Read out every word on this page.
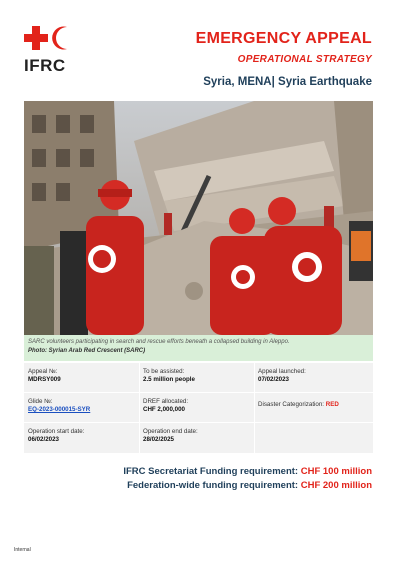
IFRC
EMERGENCY APPEAL
OPERATIONAL STRATEGY
Syria, MENA| Syria Earthquake
SARC volunteers participating in search and rescue efforts beneath a collapsed building in Aleppo.
Photo: Syrian Arab Red Crescent (SARC)
Appeal №:
MDRSY009
To be assisted:
2.5 million people
Appeal launched:
07/02/2023
Glide №:
EQ-2023-000015-SYR
DREF allocated:
CHF 2,000,000
Disaster Categorization: RED
Operation start date:
06/02/2023
Operation end date:
28/02/2025
IFRC Secretariat Funding requirement: CHF 100 million
Federation-wide funding requirement: CHF 200 million
Internal
